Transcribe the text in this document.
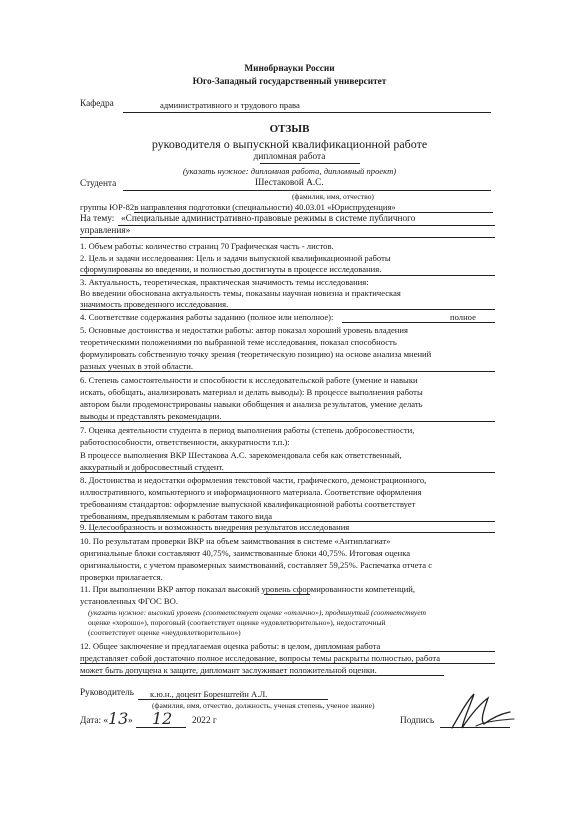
Минобрнауки России
Юго-Западный государственный университет
Кафедра	административного и трудового права
ОТЗЫВ
руководителя о выпускной квалификационной работе
дипломная работа
(указать нужное: дипломная работа, дипломный проект)
Студента	Шестаковой А.С.
(фамилия, имя, отчество)
группы ЮР-82в направления подготовки (специальности) 40.03.01 «Юриспруденция»
На тему: «Специальные административно-правовые режимы в системе публичного
управления»
1. Объем работы: количество страниц 70 Графическая часть - листов.
2. Цель и задачи исследования: Цель и задачи выпускной квалификационной работы
сформулированы во введении, и полностью достигнуты в процессе исследования.
3. Актуальность, теоретическая, практическая значимость темы исследования:
Во введении обоснована актуальность темы, показаны научная новизна и практическая
значимость проведенного исследования.
4. Соответствие содержания работы заданию (полное или неполное):	полное
5. Основные достоинства и недостатки работы: автор показал хороший уровень владения
теоретическими положениями по выбранной теме исследования, показал способность
формулировать собственную точку зрения (теоретическую позицию) на основе анализа мнений
разных ученых в этой области.
6. Степень самостоятельности и способности к исследовательской работе (умение и навыки
искать, обобщать, анализировать материал и делать выводы): В процессе выполнения работы
автором были продемонстрированы навыки обобщения и анализа результатов, умение делать
выводы и представлять рекомендации.
7. Оценка деятельности студента в период выполнения работы (степень добросовестности,
работоспособности, ответственности, аккуратности т.п.):
В процессе выполнения ВКР Шестакова А.С. зарекомендовала себя как ответственный,
аккуратный и добросовестный студент.
8. Достоинства и недостатки оформления текстовой части, графического, демонстрационного,
иллюстративного, компьютерного и информационного материала. Соответствие оформления
требованиям стандартов: оформление выпускной квалификационной работы соответствует
требованиям, предъявляемым к работам такого вида
9. Целесообразность и возможность внедрения результатов исследования
10. По результатам проверки ВКР на объем заимствования в системе «Антиплагиат»
оригинальные блоки составляют 40,75%, заимствованные блоки 40,75%. Итоговая оценка
оригинальности, с учетом правомерных заимствований, составляет 59,25%. Распечатка отчета с
проверки прилагается.
11. При выполнении ВКР автор показал высокий уровень сформированности компетенций,
установленных ФГОС ВО.
(указать нужное: высокий уровень (соответствует оценке «отлично»), продвинутый (соответствует
оценке «хорошо»), пороговый (соответствует оценке «удовлетворительно»), недостаточный
(соответствует оценке «неудовлетворительно»)
12. Общее заключение и предлагаемая оценка работы: в целом, дипломная работа
представляет собой достаточно полное исследование, вопросы темы раскрыты полностью, работа
может быть допущена к защите, дипломант заслуживает положительной оценки.
Руководитель к.ю.н., доцент Боренштейн А.Л.
(фамилия, имя, отчество, должность, ученая степень, ученое звание)
Дата: « 13 » 12 2022 г	Подпись
